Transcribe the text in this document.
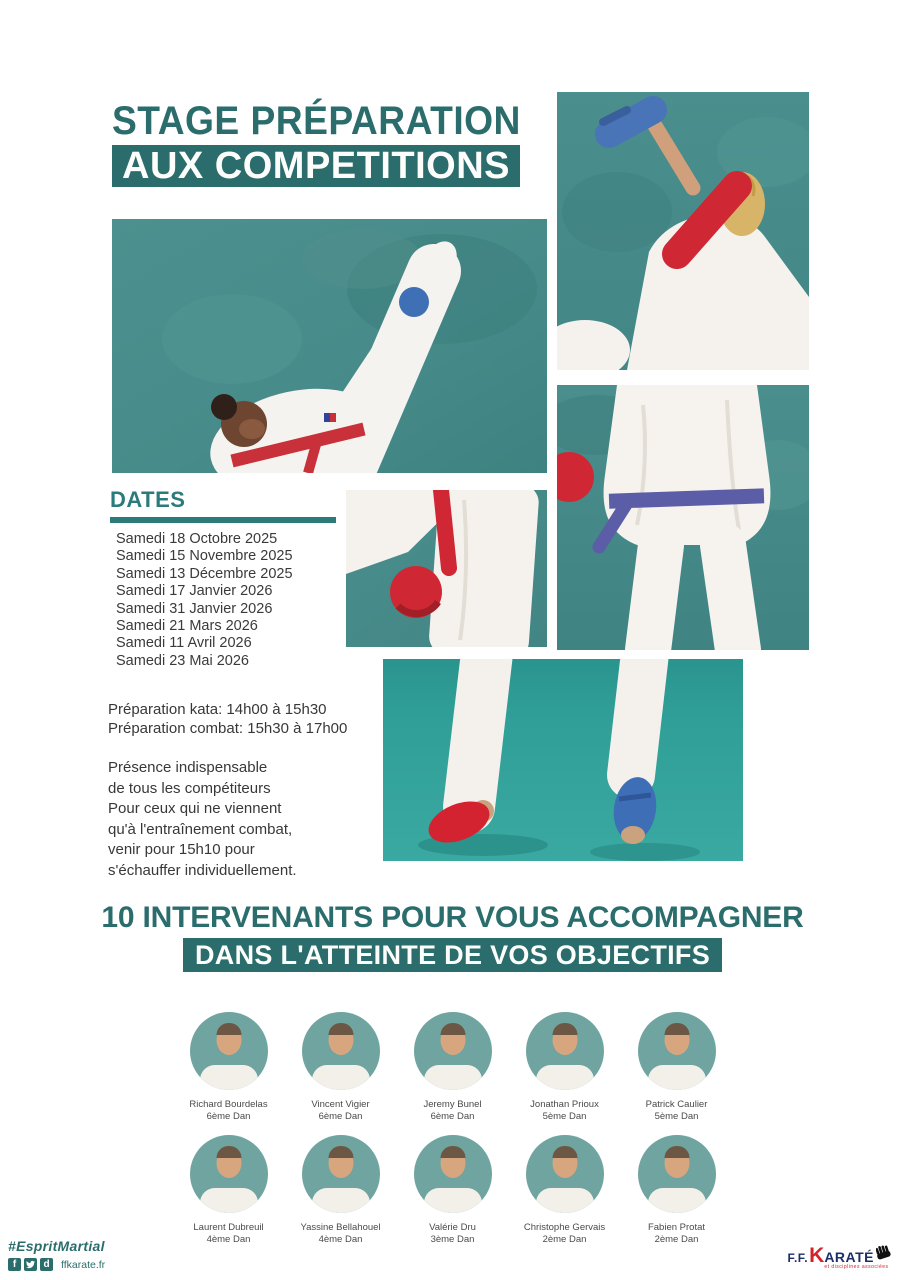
STAGE PRÉPARATION
AUX COMPETITIONS
DATES
Samedi 18 Octobre 2025
Samedi 15 Novembre 2025
Samedi 13 Décembre 2025
Samedi 17 Janvier 2026
Samedi 31 Janvier 2026
Samedi 21 Mars 2026
Samedi 11 Avril 2026
Samedi 23 Mai 2026
Préparation kata: 14h00 à 15h30
Préparation combat: 15h30 à 17h00
Présence indispensable
de tous les compétiteurs
Pour ceux qui ne viennent
qu'à l'entraînement combat,
venir pour 15h10 pour
s'échauffer individuellement.
10 INTERVENANTS POUR VOUS ACCOMPAGNER
DANS L'ATTEINTE DE VOS OBJECTIFS
Richard Bourdelas
6ème Dan
Vincent Vigier
6ème Dan
Jeremy Bunel
6ème Dan
Jonathan Prioux
5ème Dan
Patrick Caulier
5ème Dan
Laurent Dubreuil
4ème Dan
Yassine Bellahouel
4ème Dan
Valérie Dru
3ème Dan
Christophe Gervais
2ème Dan
Fabien Protat
2ème Dan
#EspritMartial
f	d	ffkarate.fr	F.F. K ARATÉ
et disciplines associées
